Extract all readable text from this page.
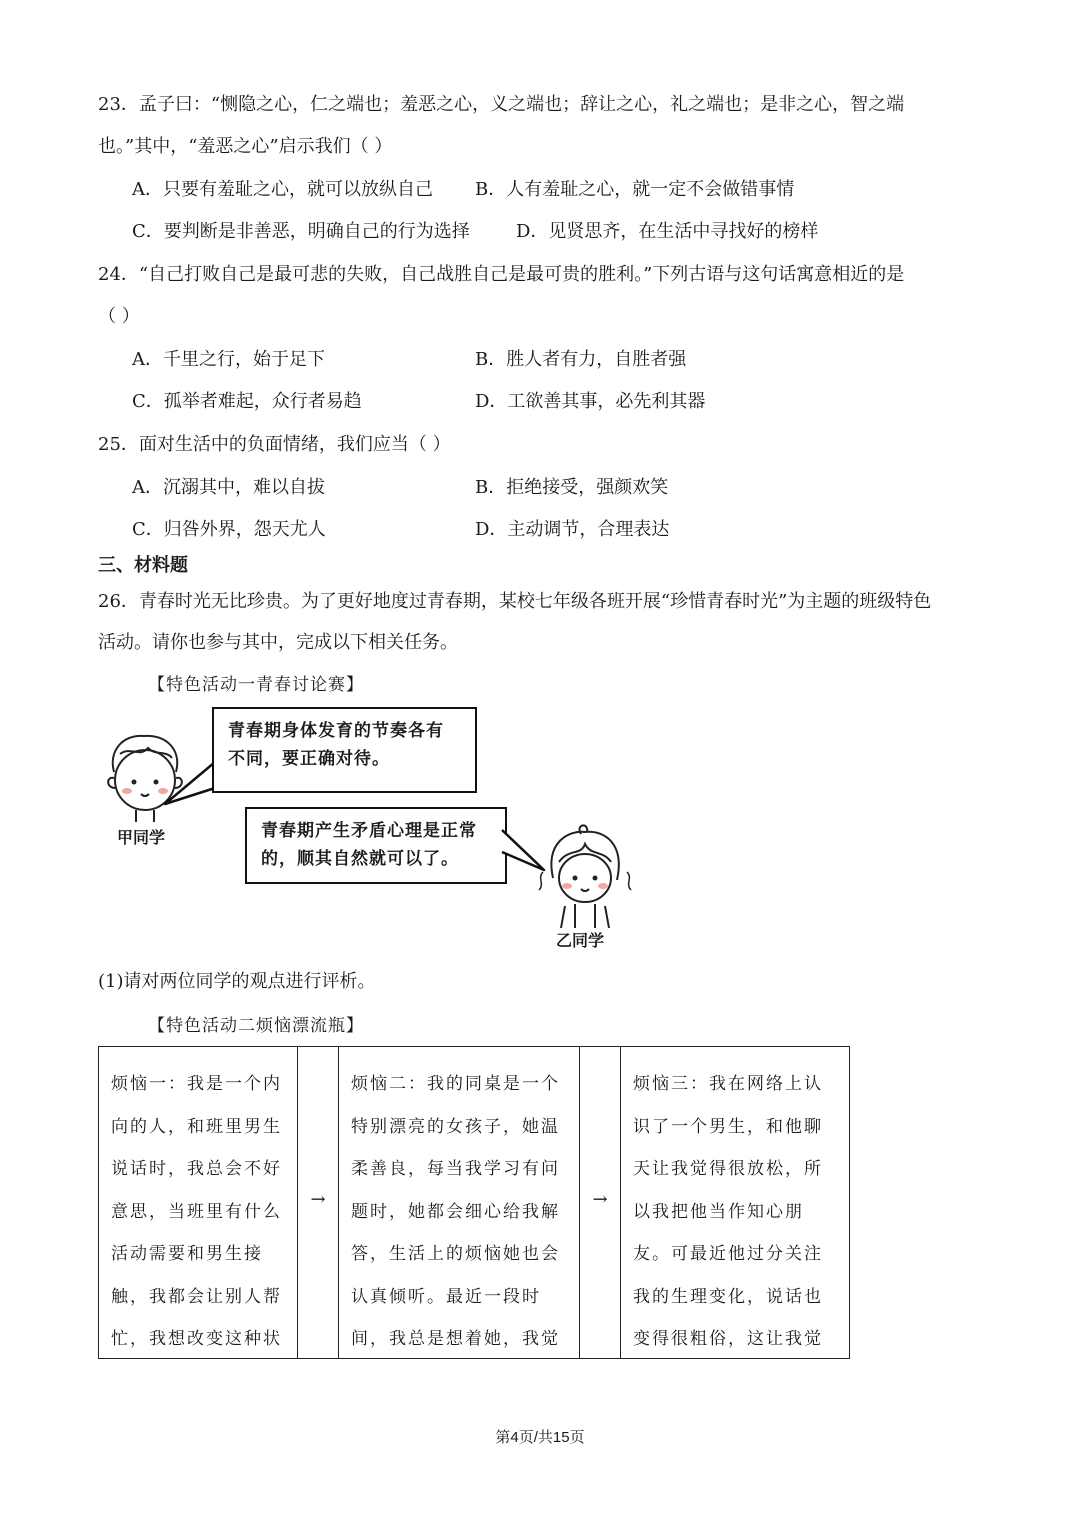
23．孟子曰：“恻隐之心，仁之端也；羞恶之心，义之端也；辞让之心，礼之端也；是非之心，智之端
也。”其中，“羞恶之心”启示我们（ ）
A．只要有羞耻之心，就可以放纵自己 B．人有羞耻之心，就一定不会做错事情
C．要判断是非善恶，明确自己的行为选择	D．见贤思齐，在生活中寻找好的榜样
24．“自己打败自己是最可悲的失败，自己战胜自己是最可贵的胜利。”下列古语与这句话寓意相近的是
（ ）
A．千里之行，始于足下	B．胜人者有力，自胜者强
C．孤举者难起，众行者易趋	D．工欲善其事，必先利其器
25．面对生活中的负面情绪，我们应当（ ）
A．沉溺其中，难以自拔	B．拒绝接受，强颜欢笑
C．归咎外界，怨天尤人	D．主动调节，合理表达
三、材料题
26．青春时光无比珍贵。为了更好地度过青春期，某校七年级各班开展“珍惜青春时光”为主题的班级特色
活动。请你也参与其中，完成以下相关任务。
【特色活动一青春讨论赛】
甲同学
青春期身体发育的节奏各有不同，要正确对待。
青春期产生矛盾心理是正常的，顺其自然就可以了。
乙同学
(1)请对两位同学的观点进行评析。
【特色活动二烦恼漂流瓶】
烦恼一：我是一个内向的人，和班里男生说话时，我总会不好意思，当班里有什么活动需要和男生接触，我都会让别人帮忙，我想改变这种状
→
烦恼二：我的同桌是一个特别漂亮的女孩子，她温柔善良，每当我学习有问题时，她都会细心给我解答，生活上的烦恼她也会认真倾听。最近一段时间，我总是想着她，我觉
→
烦恼三：我在网络上认识了一个男生，和他聊天让我觉得很放松，所以我把他当作知心朋友。可最近他过分关注我的生理变化，说话也变得很粗俗，这让我觉
第4页/共15页
